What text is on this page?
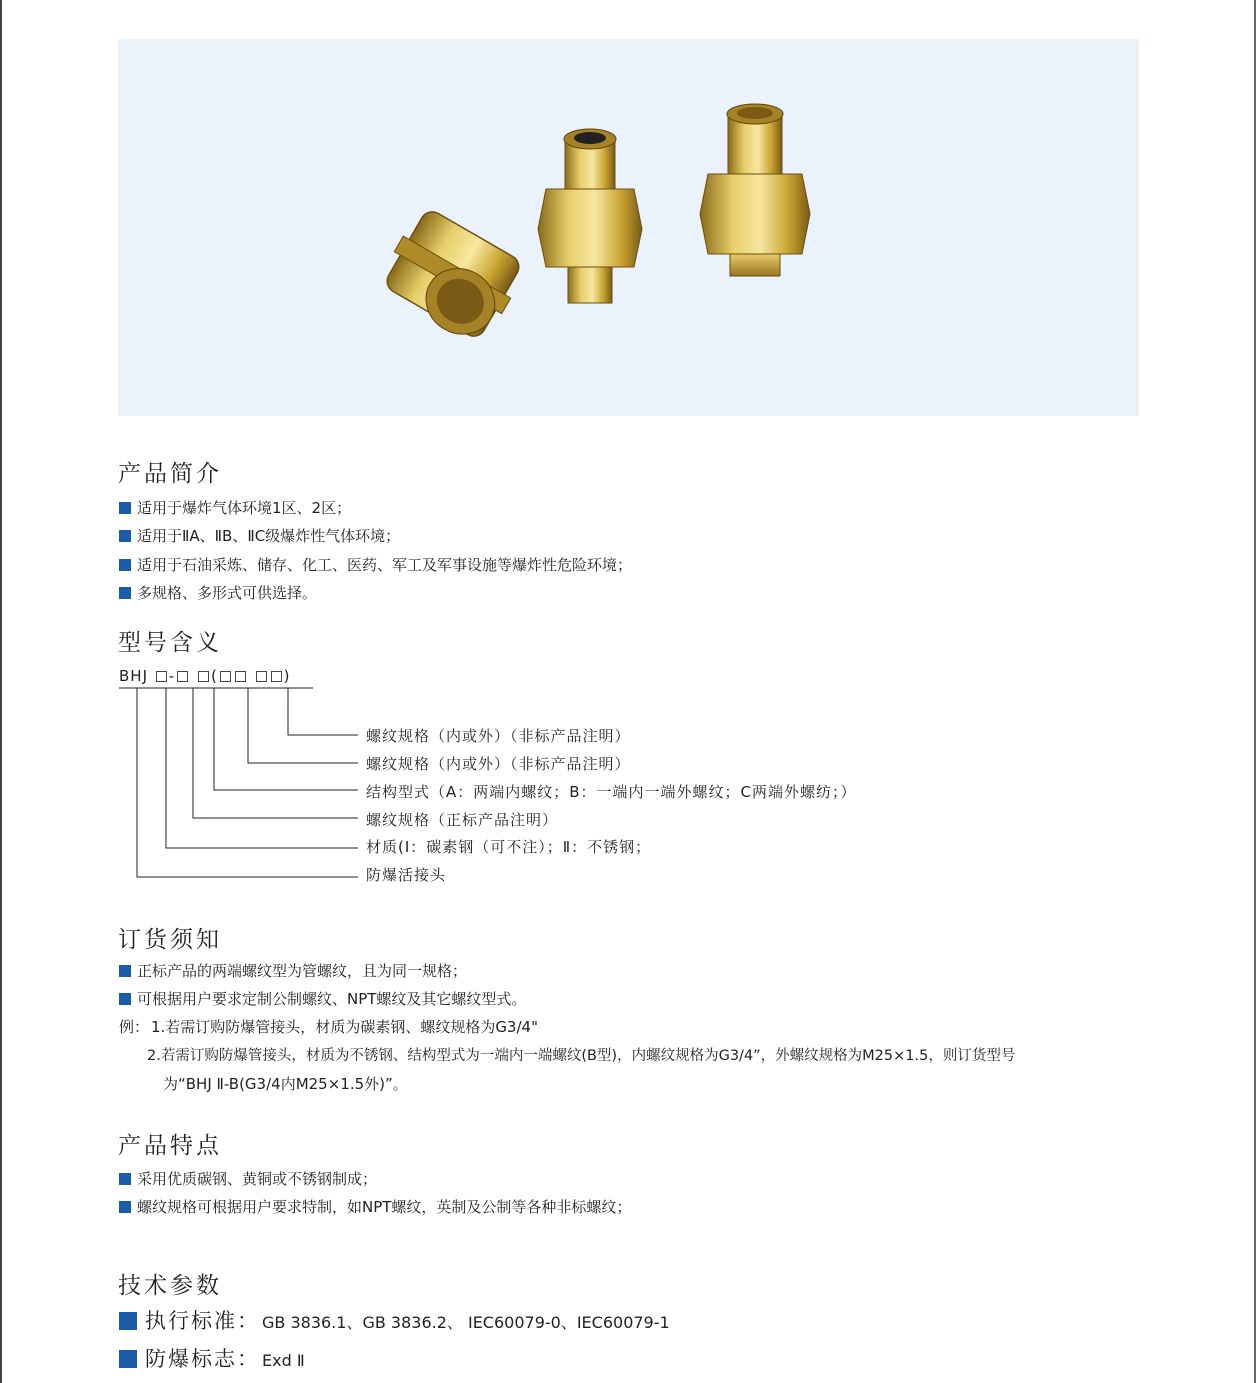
产品简介
适用于爆炸气体环境1区、2区；
适用于ⅡA、ⅡB、ⅡC级爆炸性气体环境；
适用于石油采炼、储存、化工、医药、军工及军事设施等爆炸性危险环境；
多规格、多形式可供选择。
型号含义
BHJ - (	)
螺纹规格（内或外）（非标产品注明）
螺纹规格（内或外）（非标产品注明）
结构型式（A：两端内螺纹；B：一端内一端外螺纹；C两端外螺纺；）
螺纹规格（正标产品注明）
材质(Ⅰ：碳素钢（可不注）；Ⅱ：不锈钢；
防爆活接头
订货须知
正标产品的两端螺纹型为管螺纹，且为同一规格；
可根据用户要求定制公制螺纹、NPT螺纹及其它螺纹型式。
例： 1.若需订购防爆管接头，材质为碳素钢、螺纹规格为G3/4"
2.若需订购防爆管接头，材质为不锈钢、结构型式为一端内一端螺纹(B型)，内螺纹规格为G3/4”，外螺纹规格为M25×1.5，则订货型号
为“BHJ Ⅱ-B(G3/4内M25×1.5外)”。
产品特点
采用优质碳钢、黄铜或不锈钢制成；
螺纹规格可根据用户要求特制，如NPT螺纹，英制及公制等各种非标螺纹；
技术参数
执行标准： GB 3836.1、GB 3836.2、 IEC60079-0、IEC60079-1
防爆标志： Exd Ⅱ
